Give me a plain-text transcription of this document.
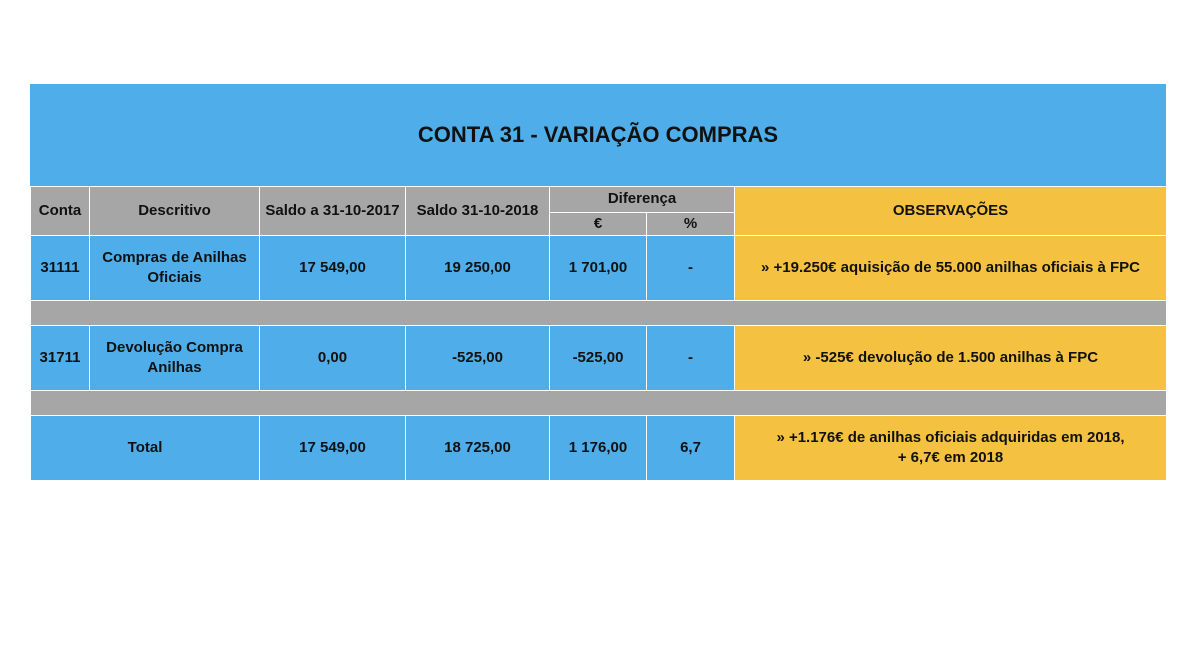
CONTA 31 - VARIAÇÃO COMPRAS
Conta	Descritivo	Saldo a 31-10-2017	Saldo 31-10-2018	Diferença		OBSERVAÇÕES
				€	%	
31111	Compras de Anilhas Oficiais	17 549,00	19 250,00	1 701,00	-	» +19.250€ aquisição de 55.000 anilhas oficiais à FPC

31711	Devolução Compra Anilhas	0,00	-525,00	-525,00	-	» -525€ devolução de 1.500 anilhas à FPC

Total		17 549,00	18 725,00	1 176,00	6,7	» +1.176€ de anilhas oficiais adquiridas em 2018,
+ 6,7€ em 2018
